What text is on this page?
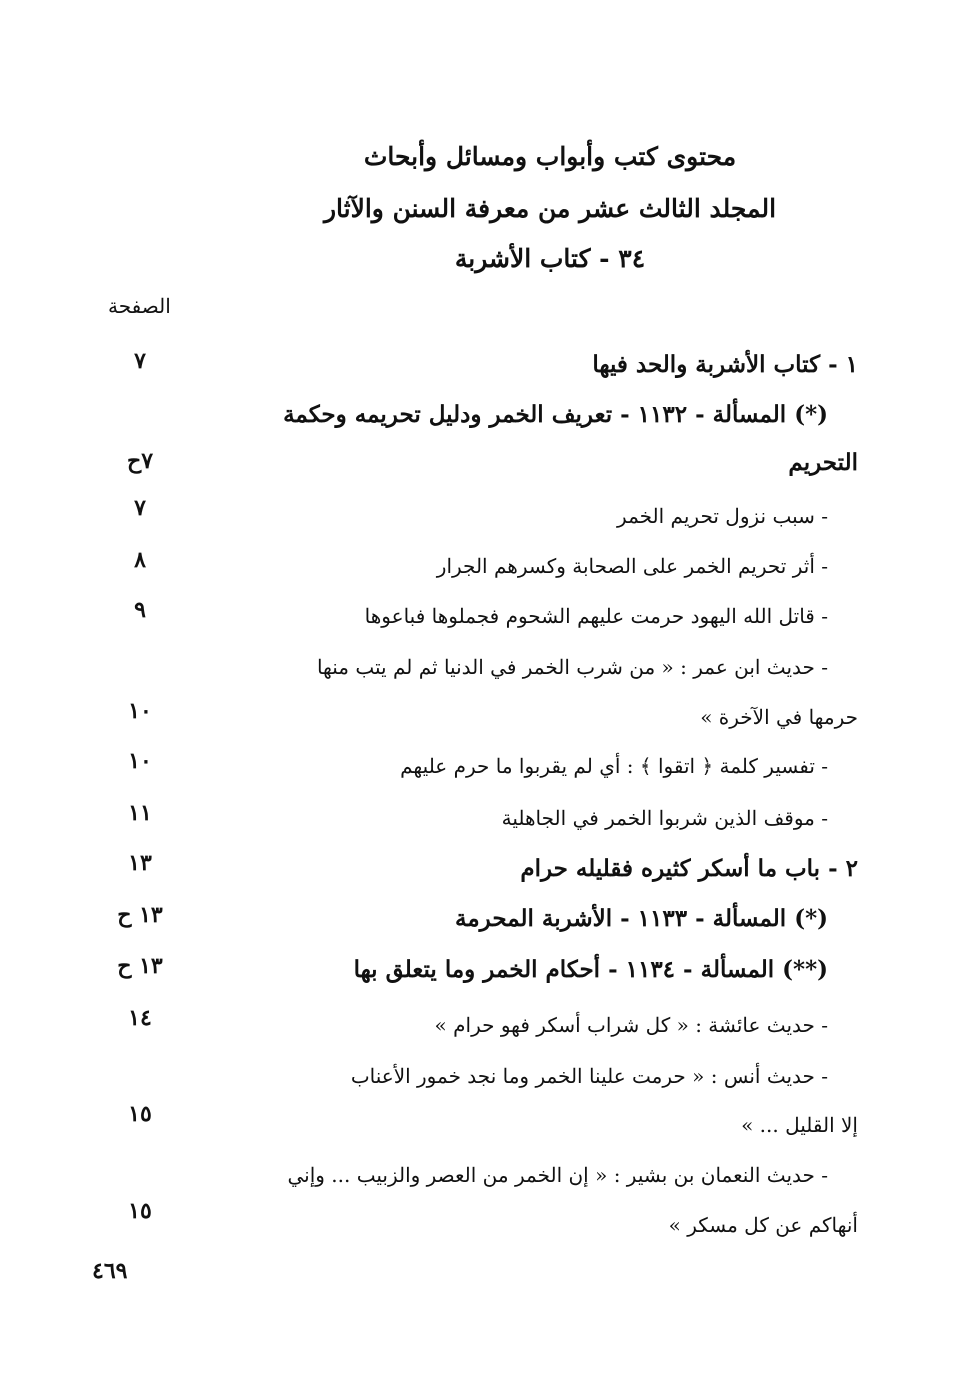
محتوى كتب وأبواب ومسائل وأبحاث
المجلد الثالث عشر من معرفة السنن والآثار
٣٤ - كتاب الأشربة
الصفحة
١ - كتاب الأشربة والحد فيها
٧
(*) المسألة - ١١٣٢ - تعريف الخمر ودليل تحريمه وحكمة
التحريم
٧ح
- سبب نزول تحريم الخمر
٧
- أثر تحريم الخمر على الصحابة وكسرهم الجرار
٨
- قاتل الله اليهود حرمت عليهم الشحوم فجملوها فباعوها
٩
- حديث ابن عمر : « من شرب الخمر في الدنيا ثم لم يتب منها
حرمها في الآخرة »
١٠
- تفسير كلمة ﴿ اتقوا ﴾ : أي لم يقربوا ما حرم عليهم
١٠
- موقف الذين شربوا الخمر في الجاهلية
١١
٢ - باب ما أسكر كثيره فقليله حرام
١٣
(*) المسألة - ١١٣٣ - الأشربة المحرمة
١٣ ح
(**) المسألة - ١١٣٤ - أحكام الخمر وما يتعلق بها
١٣ ح
- حديث عائشة : « كل شراب أسكر فهو حرام »
١٤
- حديث أنس : « حرمت علينا الخمر وما نجد خمور الأعناب
إلا القليل ... »
١٥
- حديث النعمان بن بشير : « إن الخمر من العصر والزبيب ... وإني
أنهاكم عن كل مسكر »
١٥
٤٦٩
